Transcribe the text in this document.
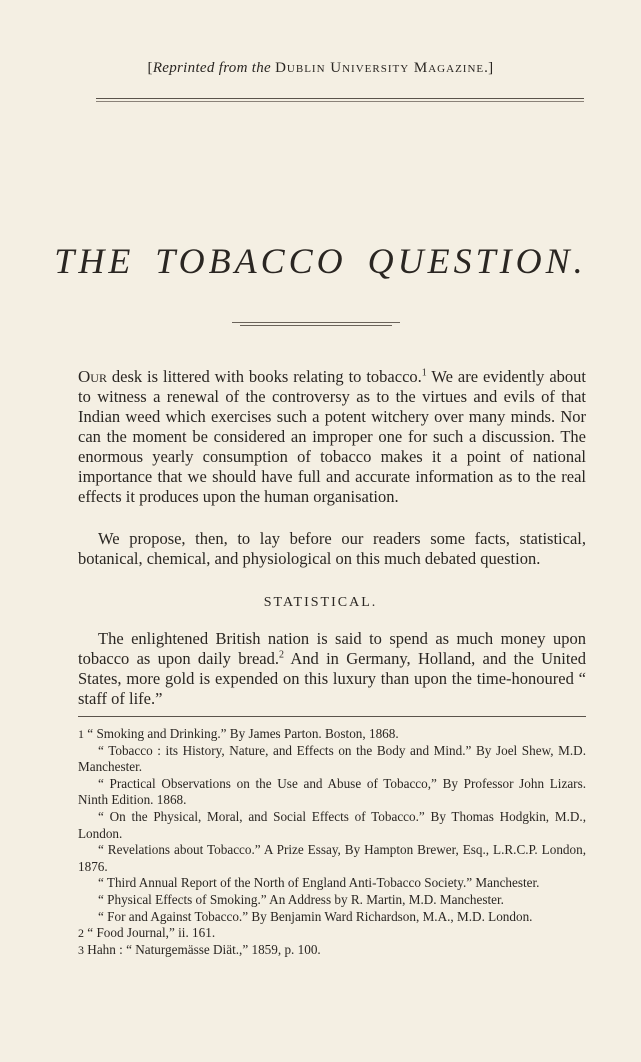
[Reprinted from the Dublin University Magazine.]
THE TOBACCO QUESTION.
Our desk is littered with books relating to tobacco.$^1$ We are evidently about to witness a renewal of the controversy as to the virtues and evils of that Indian weed which exercises such a potent witchery over many minds. Nor can the moment be considered an improper one for such a discussion. The enormous yearly consumption of tobacco makes it a point of national importance that we should have full and accurate information as to the real effects it produces upon the human organisation.
We propose, then, to lay before our readers some facts, statistical, botanical, chemical, and physiological on this much debated question.
STATISTICAL.
The enlightened British nation is said to spend as much money upon tobacco as upon daily bread.$^2$ And in Germany, Holland, and the United States, more gold is expended on this luxury than upon the time-honoured “ staff of life.”

1 “ Smoking and Drinking.” By James Parton. Boston, 1868.

“ Tobacco : its History, Nature, and Effects on the Body and Mind.” By Joel Shew, M.D. Manchester.

“ Practical Observations on the Use and Abuse of Tobacco,” By Professor John Lizars. Ninth Edition. 1868.

“ On the Physical, Moral, and Social Effects of Tobacco.” By Thomas Hodgkin, M.D., London.

“ Revelations about Tobacco.” A Prize Essay, By Hampton Brewer, Esq., L.R.C.P. London, 1876.

“ Third Annual Report of the North of England Anti-Tobacco Society.” Manchester.

“ Physical Effects of Smoking.” An Address by R. Martin, M.D. Manchester.

“ For and Against Tobacco.” By Benjamin Ward Richardson, M.A., M.D. London.

2 “ Food Journal,” ii. 161.

3 Hahn : “ Naturgemässe Diät.,” 1859, p. 100.
